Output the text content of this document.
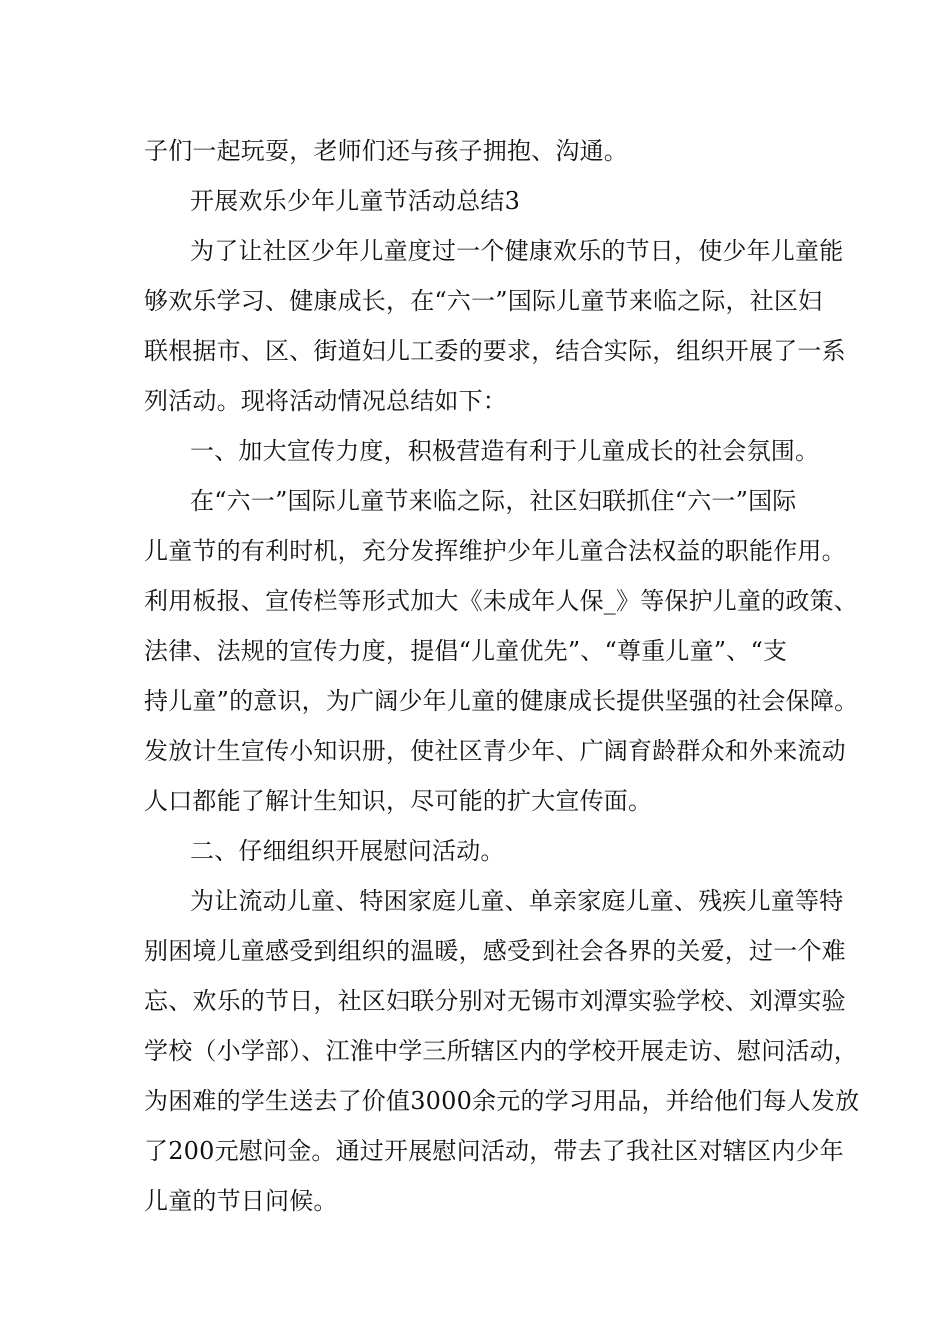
子们一起玩耍，老师们还与孩子拥抱、沟通。
开展欢乐少年儿童节活动总结3
为了让社区少年儿童度过一个健康欢乐的节日，使少年儿童能
够欢乐学习、健康成长，在“六一”国际儿童节来临之际，社区妇
联根据市、区、街道妇儿工委的要求，结合实际，组织开展了一系
列活动。现将活动情况总结如下：
一、加大宣传力度，积极营造有利于儿童成长的社会氛围。
在“六一”国际儿童节来临之际，社区妇联抓住“六一”国际
儿童节的有利时机，充分发挥维护少年儿童合法权益的职能作用。
利用板报、宣传栏等形式加大《未成年人保_》等保护儿童的政策、
法律、法规的宣传力度，提倡“儿童优先”、“尊重儿童”、“支
持儿童”的意识，为广阔少年儿童的健康成长提供坚强的社会保障。
发放计生宣传小知识册，使社区青少年、广阔育龄群众和外来流动
人口都能了解计生知识，尽可能的扩大宣传面。
二、仔细组织开展慰问活动。
为让流动儿童、特困家庭儿童、单亲家庭儿童、残疾儿童等特
别困境儿童感受到组织的温暖，感受到社会各界的关爱，过一个难
忘、欢乐的节日，社区妇联分别对无锡市刘潭实验学校、刘潭实验
学校（小学部）、江淮中学三所辖区内的学校开展走访、慰问活动，
为困难的学生送去了价值3000余元的学习用品，并给他们每人发放
了200元慰问金。通过开展慰问活动，带去了我社区对辖区内少年
儿童的节日问候。
